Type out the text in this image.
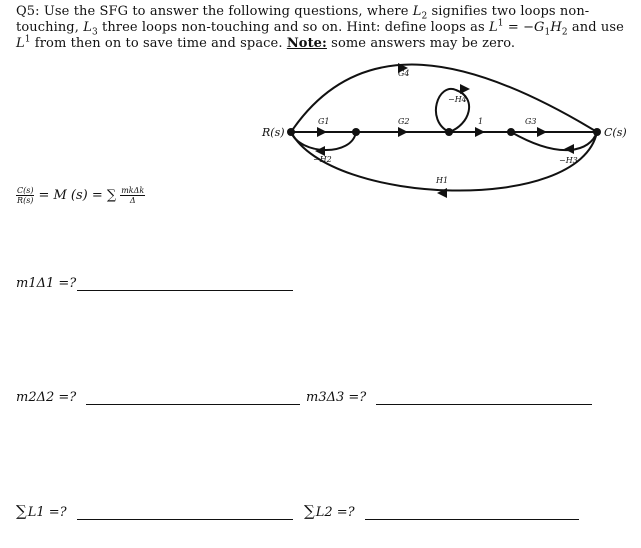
Q5: Use the SFG to answer the following questions, where $L_2$ signifies two loops non-touching, $L_3$ three loops non-touching and so on. Hint: define loops as $L^1 = -G_1H_2$ and use $L^1$ from then on to save time and space. Note: some answers may be zero.
R(s)	C(s)
G4
G1	G2	1	G3
−H4
−H2	−H3
H1
$\frac{C(s)}{R(s)} = M$ (s) = ∑ $\frac{\text{mkΔk}}{\Delta}$
m1Δ1 =?
m2Δ2 =?	m3Δ3 =?
∑ L1 =?	∑ L2 =?
